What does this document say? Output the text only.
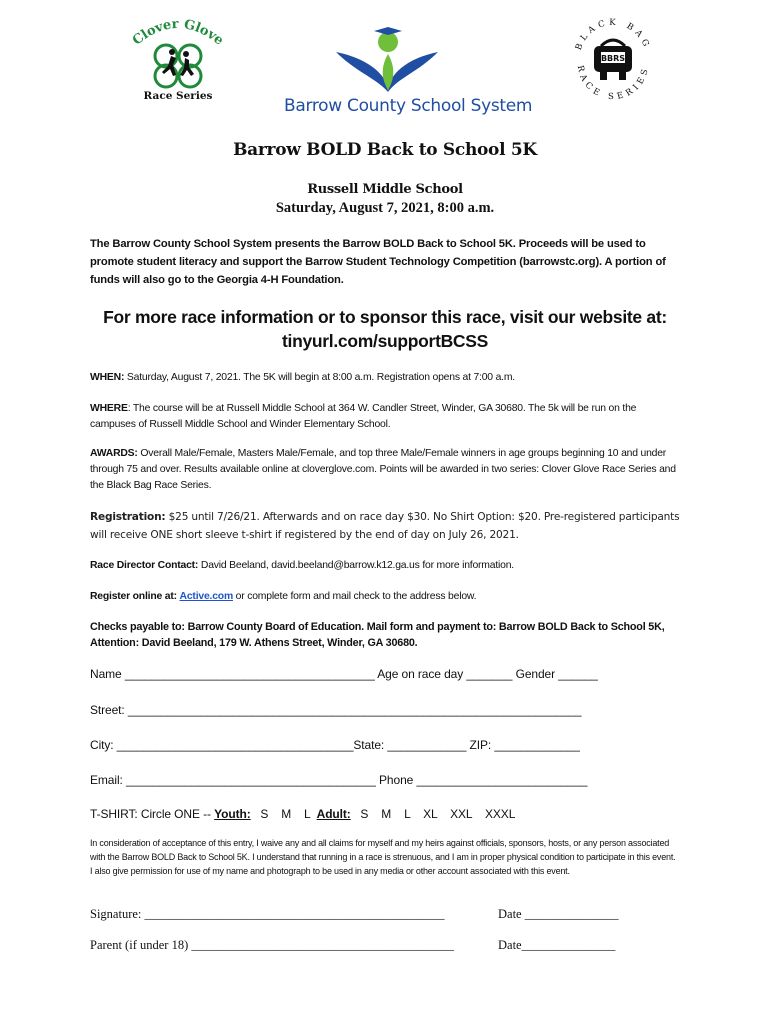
Clover Glove
Race Series	Barrow County School System
BLACK BAG
RACE SERIES
BBRS
Barrow BOLD Back to School 5K
Russell Middle School
Saturday, August 7, 2021, 8:00 a.m.
The Barrow County School System presents the Barrow BOLD Back to School 5K. Proceeds will be used to promote student literacy and support the Barrow Student Technology Competition (barrowstc.org). A portion of funds will also go to the Georgia 4-H Foundation.
For more race information or to sponsor this race, visit our website at:
tinyurl.com/supportBCSS
WHEN: Saturday, August 7, 2021. The 5K will begin at 8:00 a.m. Registration opens at 7:00 a.m.
WHERE: The course will be at Russell Middle School at 364 W. Candler Street, Winder, GA 30680. The 5k will be run on the campuses of Russell Middle School and Winder Elementary School.
AWARDS: Overall Male/Female, Masters Male/Female, and top three Male/Female winners in age groups beginning 10 and under through 75 and over. Results available online at cloverglove.com. Points will be awarded in two series: Clover Glove Race Series and the Black Bag Race Series.
Registration: $25 until 7/26/21. Afterwards and on race day $30. No Shirt Option: $20. Pre-registered participants will receive ONE short sleeve t-shirt if registered by the end of day on July 26, 2021.
Race Director Contact: David Beeland, david.beeland@barrow.k12.ga.us for more information.
Register online at: Active.com or complete form and mail check to the address below.
Checks payable to: Barrow County Board of Education. Mail form and payment to: Barrow BOLD Back to School 5K, Attention: David Beeland, 179 W. Athens Street, Winder, GA 30680.
Name ______________________________________ Age on race day _______ Gender ______
Street: _____________________________________________________________________
City: ____________________________________State: ____________ ZIP: _____________
Email: ______________________________________ Phone __________________________
T-SHIRT: Circle ONE -- Youth:   S    M    L  Adult:   S    M    L    XL    XXL    XXXL
In consideration of acceptance of this entry, I waive any and all claims for myself and my heirs against officials, sponsors, hosts, or any person associated with the Barrow BOLD Back to School 5K. I understand that running in a race is strenuous, and I am in proper physical condition to participate in this event. I also give permission for use of my name and photograph to be used in any media or other account associated with this event.
Signature: ________________________________________________	Date _______________
Parent (if under 18) __________________________________________	Date_______________
